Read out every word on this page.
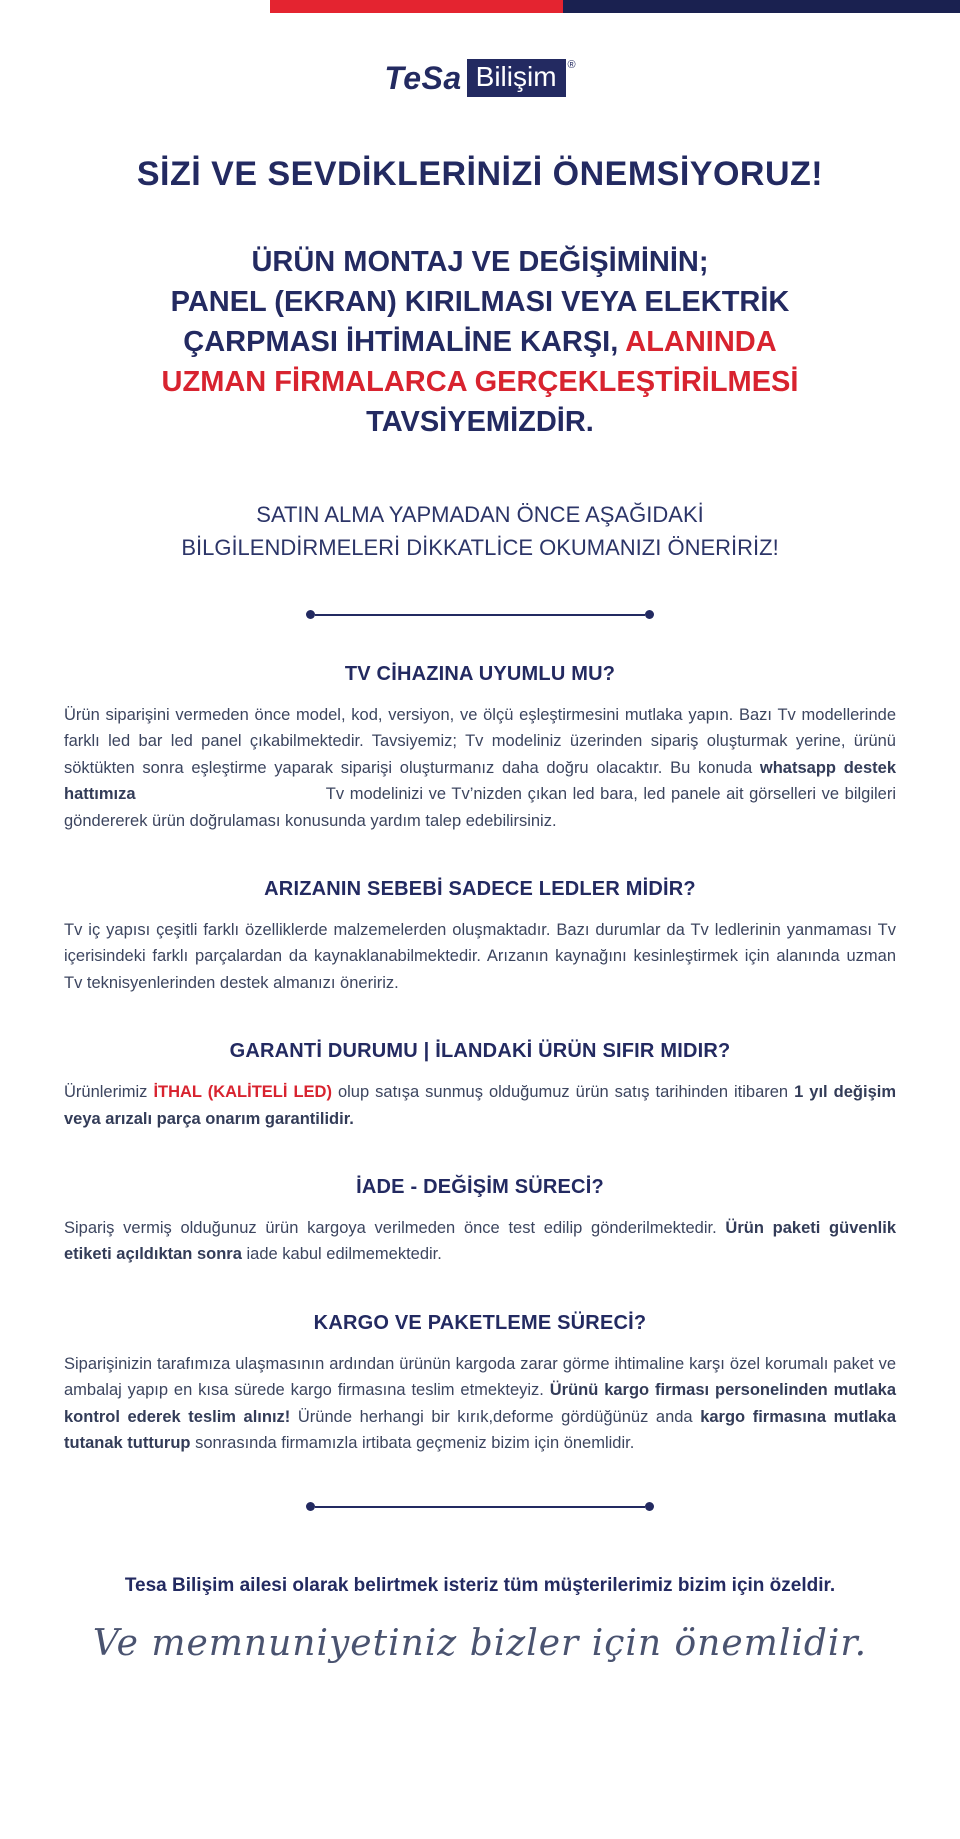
TeSa Bilişim	®
SİZİ VE SEVDİKLERİNİZİ ÖNEMSİYORUZ!
ÜRÜN MONTAJ VE DEĞİŞİMİNİN;
PANEL (EKRAN) KIRILMASI VEYA ELEKTRİK
ÇARPMASI İHTİMALİNE KARŞI, ALANINDA
UZMAN FİRMALARCA GERÇEKLEŞTİRİLMESİ
TAVSİYEMİZDİR.

SATIN ALMA YAPMADAN ÖNCE AŞAĞIDAKİ
BİLGİLENDİRMELERİ DİKKATLİCE OKUMANIZI ÖNERİRİZ!

TV CİHAZINA UYUMLU MU?

Ürün siparişini vermeden önce model, kod, versiyon, ve ölçü eşleştirmesini mutlaka yapın. Bazı Tv modellerinde farklı led bar led panel çıkabilmektedir. Tavsiyemiz; Tv modeliniz üzerinden sipariş oluşturmak yerine, ürünü söktükten sonra eşleştirme yaparak siparişi oluşturmanız daha doğru olacaktır. Bu konuda whatsapp destek hattımıza	Tv modelinizi ve Tv’nizden çıkan led bara, led panele ait görselleri ve bilgileri göndererek ürün doğrulaması konusunda yardım talep edebilirsiniz.

ARIZANIN SEBEBİ SADECE LEDLER MİDİR?

Tv iç yapısı çeşitli farklı özelliklerde malzemelerden oluşmaktadır. Bazı durumlar da Tv ledlerinin yanmaması Tv içerisindeki farklı parçalardan da kaynaklanabilmektedir. Arızanın kaynağını kesinleştirmek için alanında uzman Tv teknisyenlerinden destek almanızı öneririz.

GARANTİ DURUMU | İLANDAKİ ÜRÜN SIFIR MIDIR?

Ürünlerimiz İTHAL (KALİTELİ LED) olup satışa sunmuş olduğumuz ürün satış tarihinden itibaren 1 yıl değişim veya arızalı parça onarım garantilidir.

İADE - DEĞİŞİM SÜRECİ?

Sipariş vermiş olduğunuz ürün kargoya verilmeden önce test edilip gönderilmektedir. Ürün paketi güvenlik etiketi açıldıktan sonra iade kabul edilmemektedir.

KARGO VE PAKETLEME SÜRECİ?

Siparişinizin tarafımıza ulaşmasının ardından ürünün kargoda zarar görme ihtimaline karşı özel korumalı paket ve ambalaj yapıp en kısa sürede kargo firmasına teslim etmekteyiz. Ürünü kargo firması personelinden mutlaka kontrol ederek teslim alınız! Üründe herhangi bir kırık,deforme gördüğünüz anda kargo firmasına mutlaka tutanak tutturup sonrasında firmamızla irtibata geçmeniz bizim için önemlidir.

Tesa Bilişim ailesi olarak belirtmek isteriz tüm müşterilerimiz bizim için özeldir.

Ve memnuniyetiniz bizler için önemlidir.
